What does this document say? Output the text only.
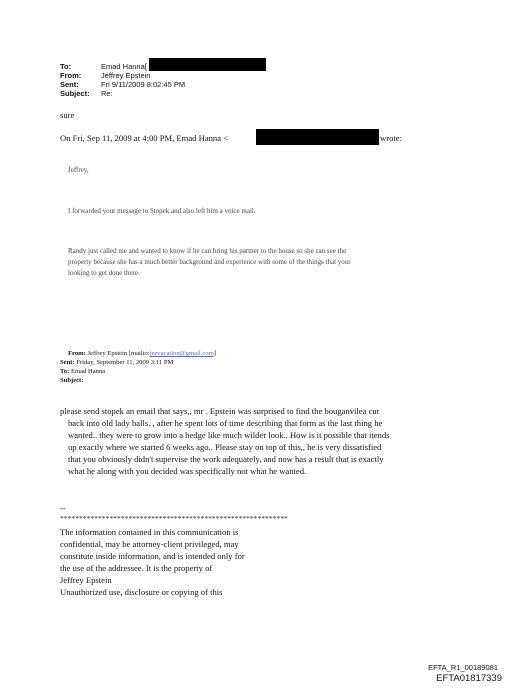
To:	Emad Hanna[
From:	Jeffrey Epstein
Sent:	Fri 9/11/2009 8:02:45 PM
Subject: Re:
sure
On Fri, Sep 11, 2009 at 4:00 PM, Emad Hanna <	wrote:
Jeffrey,
I forwarded your message to Stopek and also left him a voice mail.
Randy just called me and wanted to know if he can bring his partner to the house so she can see the
property because she has a much better background and experience with some of the things that your
looking to get done there.
From: Jeffrey Epstein [mailto:jeevacation@gmail.com]
Sent: Friday, September 11, 2009 3:11 PM
To: Emad Hanna
Subject:
please send stopek an email that says,, mr . Epstein was surprised to find the bouganvilea cut
back into old lady balls. , after he spent lots of time describing that form as the last thing he
wanted.. they were to grow into a hedge like much wilder look.. How is it possible that itends
up exactly where we started 6 weeks ago.. Please stay on top of this,, he is very dissatisfied
that you obviously didn't supervise the work adequately, and now has a result that is exactly
what he along with you decided was specifically not what he wanted.
--
************************************************************
The information contained in this communication is
confidential, may be attorney-client privileged, may
constitute inside information, and is intended only for
the use of the addressee. It is the property of
Jeffrey Epstein
Unauthorized use, disclosure or copying of this
EFTA_R1_00189081
EFTA01817339
